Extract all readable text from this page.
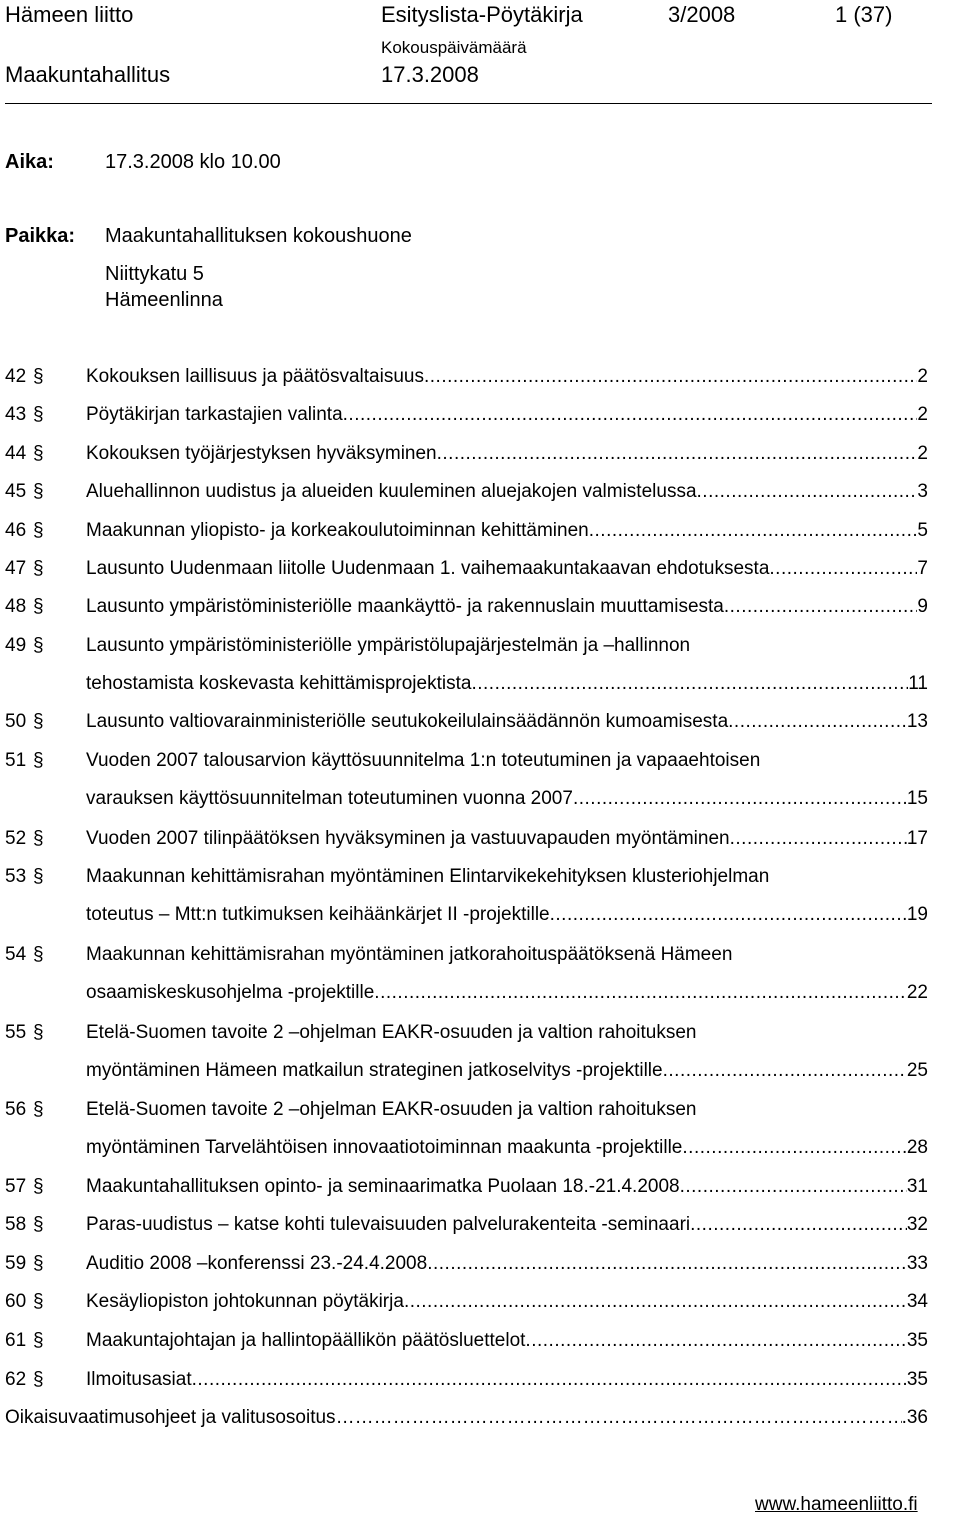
Hämeen liitto	Esityslista-Pöytäkirja	3/2008	1 (37)
Kokouspäivämäärä
Maakuntahallitus	17.3.2008
Aika:	17.3.2008 klo 10.00
Paikka: Maakuntahallituksen kokoushuone
Niittykatu 5
Hämeenlinna
42 § Kokouksen laillisuus ja päätösvaltaisuus .....	2
43 § Pöytäkirjan tarkastajien valinta .....	2
44 § Kokouksen työjärjestyksen hyväksyminen .....	2
45 § Aluehallinnon uudistus ja alueiden kuuleminen aluejakojen valmistelussa .....	3
46 § Maakunnan yliopisto- ja korkeakoulutoiminnan kehittäminen .....	5
47 § Lausunto Uudenmaan liitolle Uudenmaan 1. vaihemaakuntakaavan ehdotuksesta .....	7
48 § Lausunto ympäristöministeriölle maankäyttö- ja rakennuslain muuttamisesta .....	9
49 § Lausunto ympäristöministeriölle ympäristölupajärjestelmän ja –hallinnon
tehostamista koskevasta kehittämisprojektista .....	11
50 § Lausunto valtiovarainministeriölle seutukokeilulainsäädännön kumoamisesta .....	13
51 § Vuoden 2007 talousarvion käyttösuunnitelma 1:n toteutuminen ja vapaaehtoisen
varauksen käyttösuunnitelman toteutuminen vuonna 2007 .....	15
52 § Vuoden 2007 tilinpäätöksen hyväksyminen ja vastuuvapauden myöntäminen .....	17
53 § Maakunnan kehittämisrahan myöntäminen Elintarvikekehityksen klusteriohjelman
toteutus – Mtt:n tutkimuksen keihäänkärjet II -projektille .....	19
54 § Maakunnan kehittämisrahan myöntäminen jatkorahoituspäätöksenä Hämeen
osaamiskeskusohjelma -projektille .....	22
55 § Etelä-Suomen tavoite 2 –ohjelman EAKR-osuuden ja valtion rahoituksen
myöntäminen Hämeen matkailun strateginen jatkoselvitys -projektille .....	25
56 § Etelä-Suomen tavoite 2 –ohjelman EAKR-osuuden ja valtion rahoituksen
myöntäminen Tarvelähtöisen innovaatiotoiminnan maakunta -projektille .....	28
57 § Maakuntahallituksen opinto- ja seminaarimatka Puolaan 18.-21.4.2008 .....	31
58 § Paras-uudistus – katse kohti tulevaisuuden palvelurakenteita -seminaari .....	32
59 § Auditio 2008 –konferenssi 23.-24.4.2008 .....	33
60 § Kesäyliopiston johtokunnan pöytäkirja .....	34
61 § Maakuntajohtajan ja hallintopäällikön päätösluettelot .....	35
62 § Ilmoitusasiat .....	35
Oikaisuvaatimusohjeet ja valitusosoitus ……………………………………………………………………………………………………………………………………………………	.36
www.hameenliitto.fi
